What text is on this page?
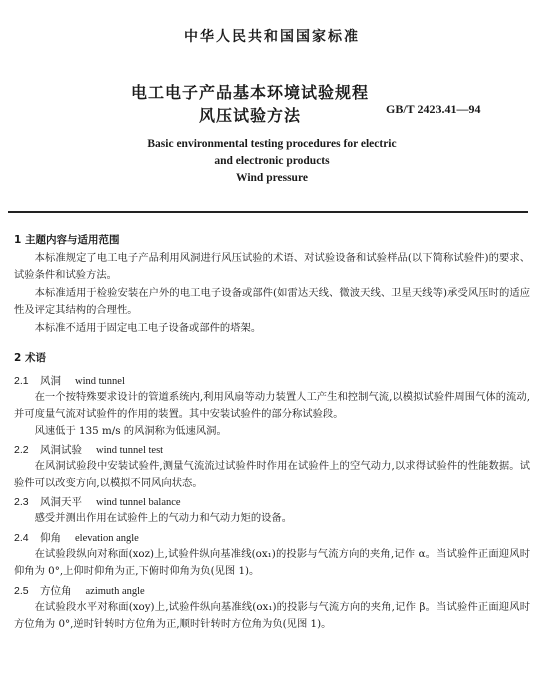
中华人民共和国国家标准
电工电子产品基本环境试验规程
风压试验方法	GB/T 2423.41—94
Basic environmental testing procedures for electric
and electronic products
Wind pressure
1 主题内容与适用范围
本标准规定了电工电子产品利用风洞进行风压试验的术语、对试验设备和试验样品(以下简称试验件)的要求、试验条件和试验方法。
本标准适用于检验安装在户外的电工电子设备或部件(如雷达天线、微波天线、卫星天线等)承受风压时的适应性及评定其结构的合理性。
本标准不适用于固定电工电子设备或部件的塔架。
2 术语
2.1 风洞 wind tunnel
在一个按特殊要求设计的管道系统内,利用风扇等动力装置人工产生和控制气流,以模拟试验件周围气体的流动,并可度量气流对试验件的作用的装置。其中安装试验件的部分称试验段。
风速低于 135 m/s 的风洞称为低速风洞。
2.2 风洞试验 wind tunnel test
在风洞试验段中安装试验件,测量气流流过试验件时作用在试验件上的空气动力,以求得试验件的性能数据。试验件可以改变方向,以模拟不同风向状态。
2.3 风洞天平 wind tunnel balance
感受并测出作用在试验件上的气动力和气动力矩的设备。
2.4 仰角 elevation angle
在试验段纵向对称面(xoz)上,试验件纵向基准线(ox₁)的投影与气流方向的夹角,记作 α。当试验件正面迎风时仰角为 0°,上仰时仰角为正,下俯时仰角为负(见图 1)。
2.5 方位角 azimuth angle
在试验段水平对称面(xoy)上,试验件纵向基准线(ox₁)的投影与气流方向的夹角,记作 β。当试验件正面迎风时方位角为 0°,逆时针转时方位角为正,顺时针转时方位角为负(见图 1)。
